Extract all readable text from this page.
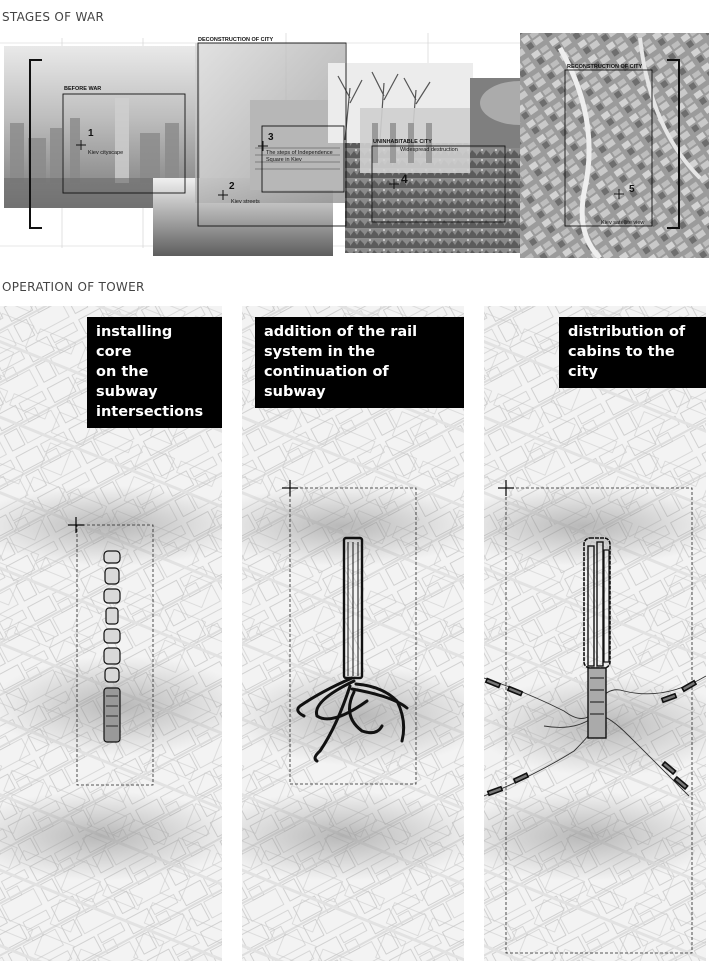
STAGES OF WAR
BEFORE WAR
1
Kiev cityscape
DECONSTRUCTION OF CITY
2
Kiev streets
3
The steps of Independence Square in Kiev
UNINHABITABLE CITY
4
Widespread destruction
RECONSTRUCTION OF CITY
5
Kiev satellite view
OPERATION OF TOWER
installing core
on the subway
intersections
addition of the rail
system in the
continuation of subway
distribution of
cabins to the city
